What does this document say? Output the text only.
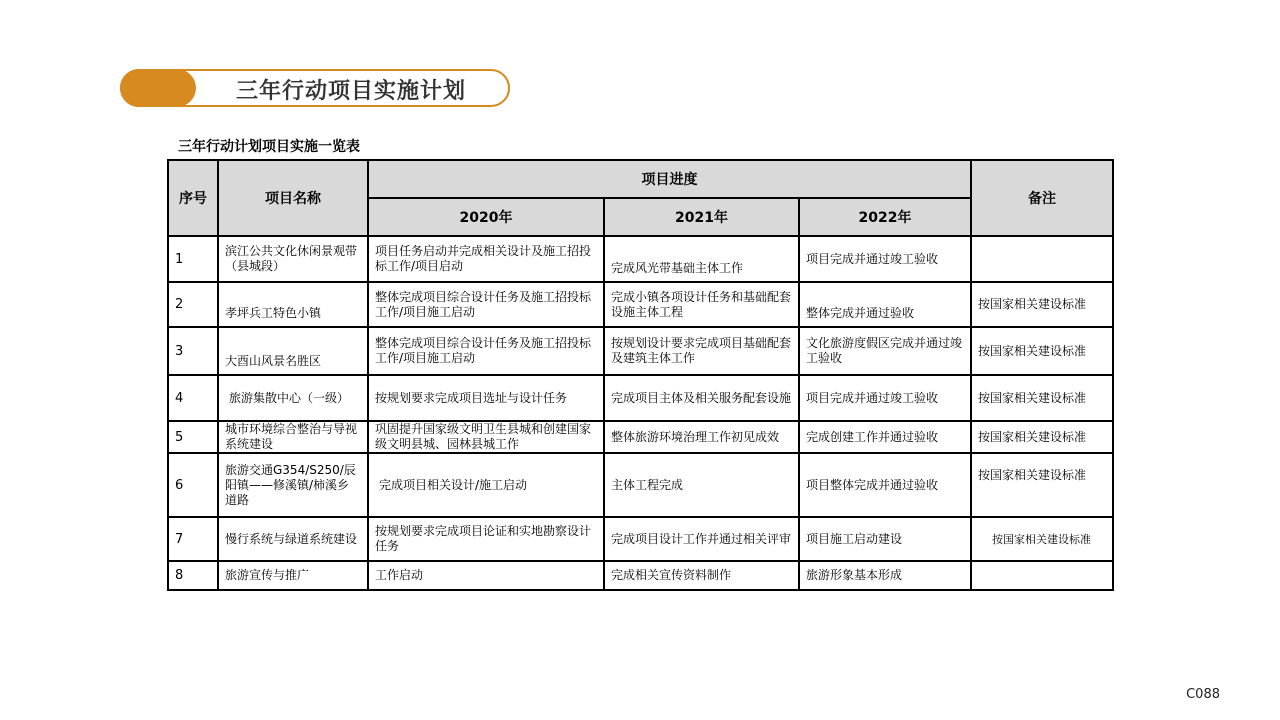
三年行动项目实施计划
三年行动计划项目实施一览表
序号	项目名称	项目进度			备注
		2020年	2021年	2022年	
1	滨江公共文化休闲景观带（县城段）	项目任务启动并完成相关设计及施工招投标工作/项目启动	完成风光带基础主体工作	项目完成并通过竣工验收	
2	孝坪兵工特色小镇	整体完成项目综合设计任务及施工招投标工作/项目施工启动	完成小镇各项设计任务和基础配套设施主体工程	整体完成并通过验收	按国家相关建设标准
3	大酉山风景名胜区	整体完成项目综合设计任务及施工招投标工作/项目施工启动	按规划设计要求完成项目基础配套及建筑主体工作	文化旅游度假区完成并通过竣工验收	按国家相关建设标准
4	旅游集散中心（一级）	按规划要求完成项目选址与设计任务	完成项目主体及相关服务配套设施	项目完成并通过竣工验收	按国家相关建设标准
5	城市环境综合整治与导视系统建设	巩固提升国家级文明卫生县城和创建国家级文明县城、园林县城工作	整体旅游环境治理工作初见成效	完成创建工作并通过验收	按国家相关建设标准
6	旅游交通G354/S250/辰阳镇——修溪镇/柿溪乡道路	完成项目相关设计/施工启动	主体工程完成	项目整体完成并通过验收	按国家相关建设标准
7	慢行系统与绿道系统建设	按规划要求完成项目论证和实地勘察设计任务	完成项目设计工作并通过相关评审	项目施工启动建设	按国家相关建设标准
8	旅游宣传与推广	工作启动	完成相关宣传资料制作	旅游形象基本形成	
C088
